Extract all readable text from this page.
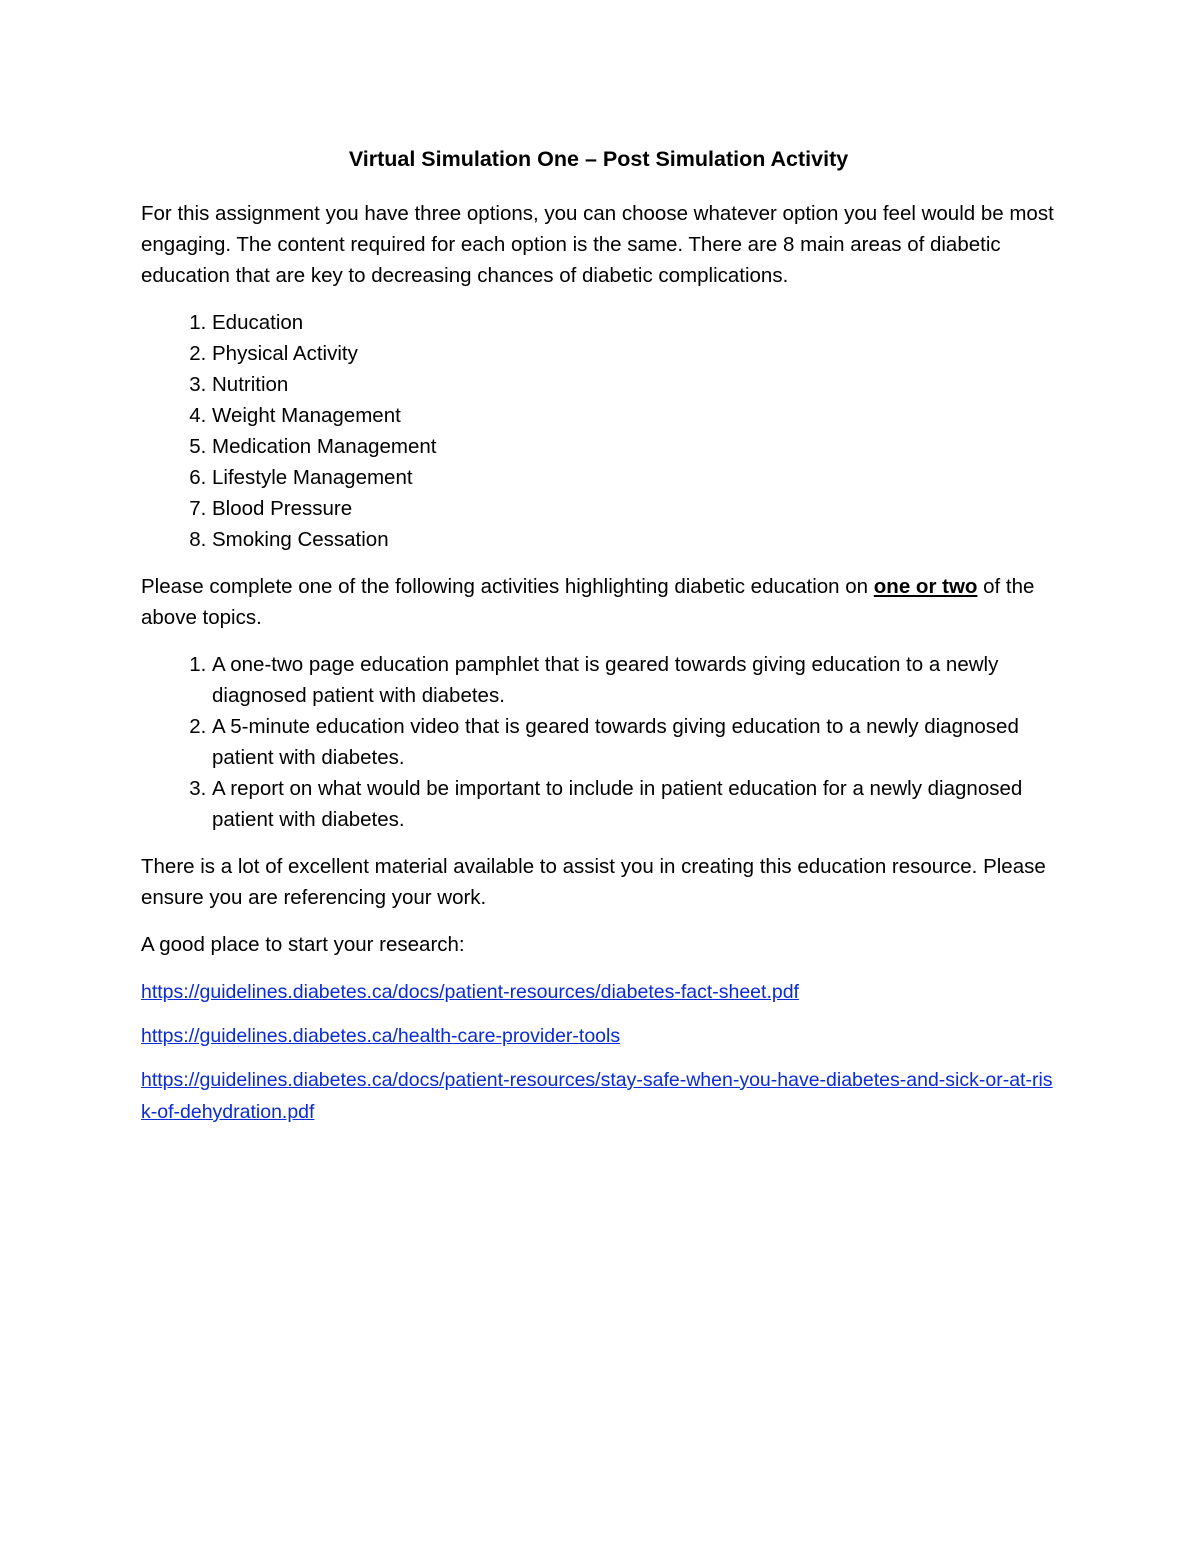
Virtual Simulation One – Post Simulation Activity

For this assignment you have three options, you can choose whatever option you feel would be most engaging. The content required for each option is the same. There are 8 main areas of diabetic education that are key to decreasing chances of diabetic complications.

1. Education
2. Physical Activity
3. Nutrition
4. Weight Management
5. Medication Management
6. Lifestyle Management
7. Blood Pressure
8. Smoking Cessation

Please complete one of the following activities highlighting diabetic education on one or two of the above topics.

1. A one-two page education pamphlet that is geared towards giving education to a newly diagnosed patient with diabetes.
2. A 5-minute education video that is geared towards giving education to a newly diagnosed patient with diabetes.
3. A report on what would be important to include in patient education for a newly diagnosed patient with diabetes.

There is a lot of excellent material available to assist you in creating this education resource. Please ensure you are referencing your work.

A good place to start your research:

https://guidelines.diabetes.ca/docs/patient-resources/diabetes-fact-sheet.pdf

https://guidelines.diabetes.ca/health-care-provider-tools

https://guidelines.diabetes.ca/docs/patient-resources/stay-safe-when-you-have-diabetes-and-sick-or-at-risk-of-dehydration.pdf
